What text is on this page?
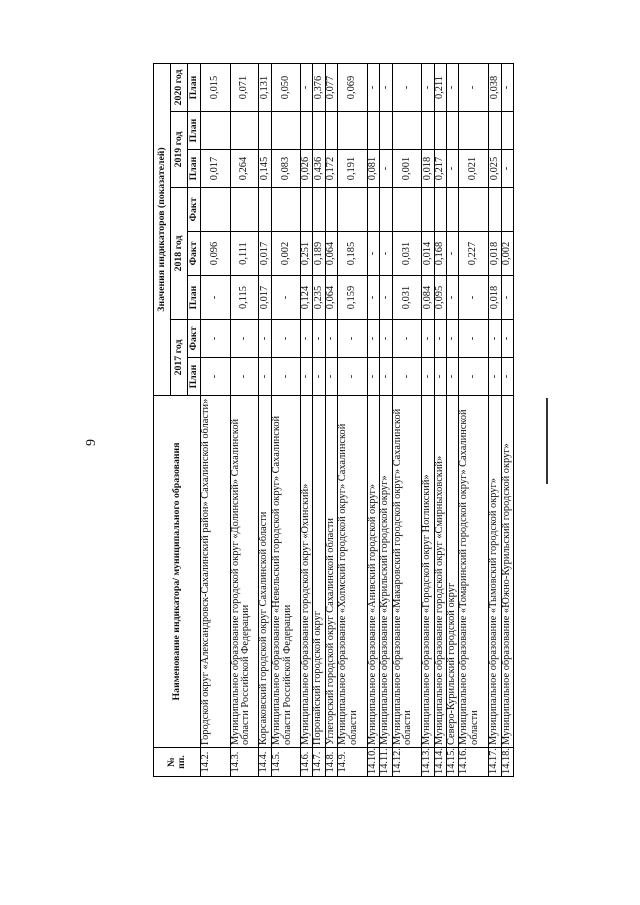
9
№ пп.	Наименование индикатора/ муниципального образования	Значения индикаторов (показателей)							
		2017 год		2018 год			2019 год		2020 год
		План	Факт	План	Факт	Факт	План	План	План
14.2.	Городской округ «Александровск-Сахалинский район» Сахалинской области»	-	-	-	0,096		0,017		0,015
14.3.	Муниципальное образование городской округ «Долинский» Сахалинской области Российской Федерации	-	-	0,115	0,111		0,264		0,071
14.4.	Корсаковский городской округ Сахалинской области	-	-	0,017	0,017		0,145		0,131
14.5.	Муниципальное образование «Невельский городской округ» Сахалинской области Российской Федерации	-	-	-	0,002		0,083		0,050
14.6.	Муниципальное образование городской округ «Охинский»	-	-	0,124	0,251		0,026		-
14.7.	Поронайский городской округ	-	-	0,235	0,189		0,436		0,376
14.8.	Углегорский городской округ Сахалинской области	-	-	0,064	0,064		0,172		0,077
14.9.	Муниципальное образование «Холмский городской округ» Сахалинской области	-	-	0,159	0,185		0,191		0,069
14.10.	Муниципальное образование «Анивский городской округ»	-	-	-	-		0,081		-
14.11.	Муниципальное образование «Курильский городской округ»	-	-	-	-		-		-
14.12.	Муниципальное образование «Макаровский городской округ» Сахалинской области	-	-	0,031	0,031		0,001		-
14.13.	Муниципальное образование «Городской округ Ногликский»	-	-	0,084	0,014		0,018		-
14.14.	Муниципальное образование городской округ «Смирныховский»	-	-	0,095	0,168		0,217		0,211
14.15.	Северо-Курильский городской округ	-	-	-	-		-		-
14.16.	Муниципальное образование «Томаринский городской округ» Сахалинской области	-	-	-	0,227		0,021		-
14.17.	Муниципальное образование «Тымовский городской округ»	-	-	0,018	0,018		0,025		0,038
14.18.	Муниципальное образование «Южно-Курильский городской округ»	-	-	-	0,002		-		-
